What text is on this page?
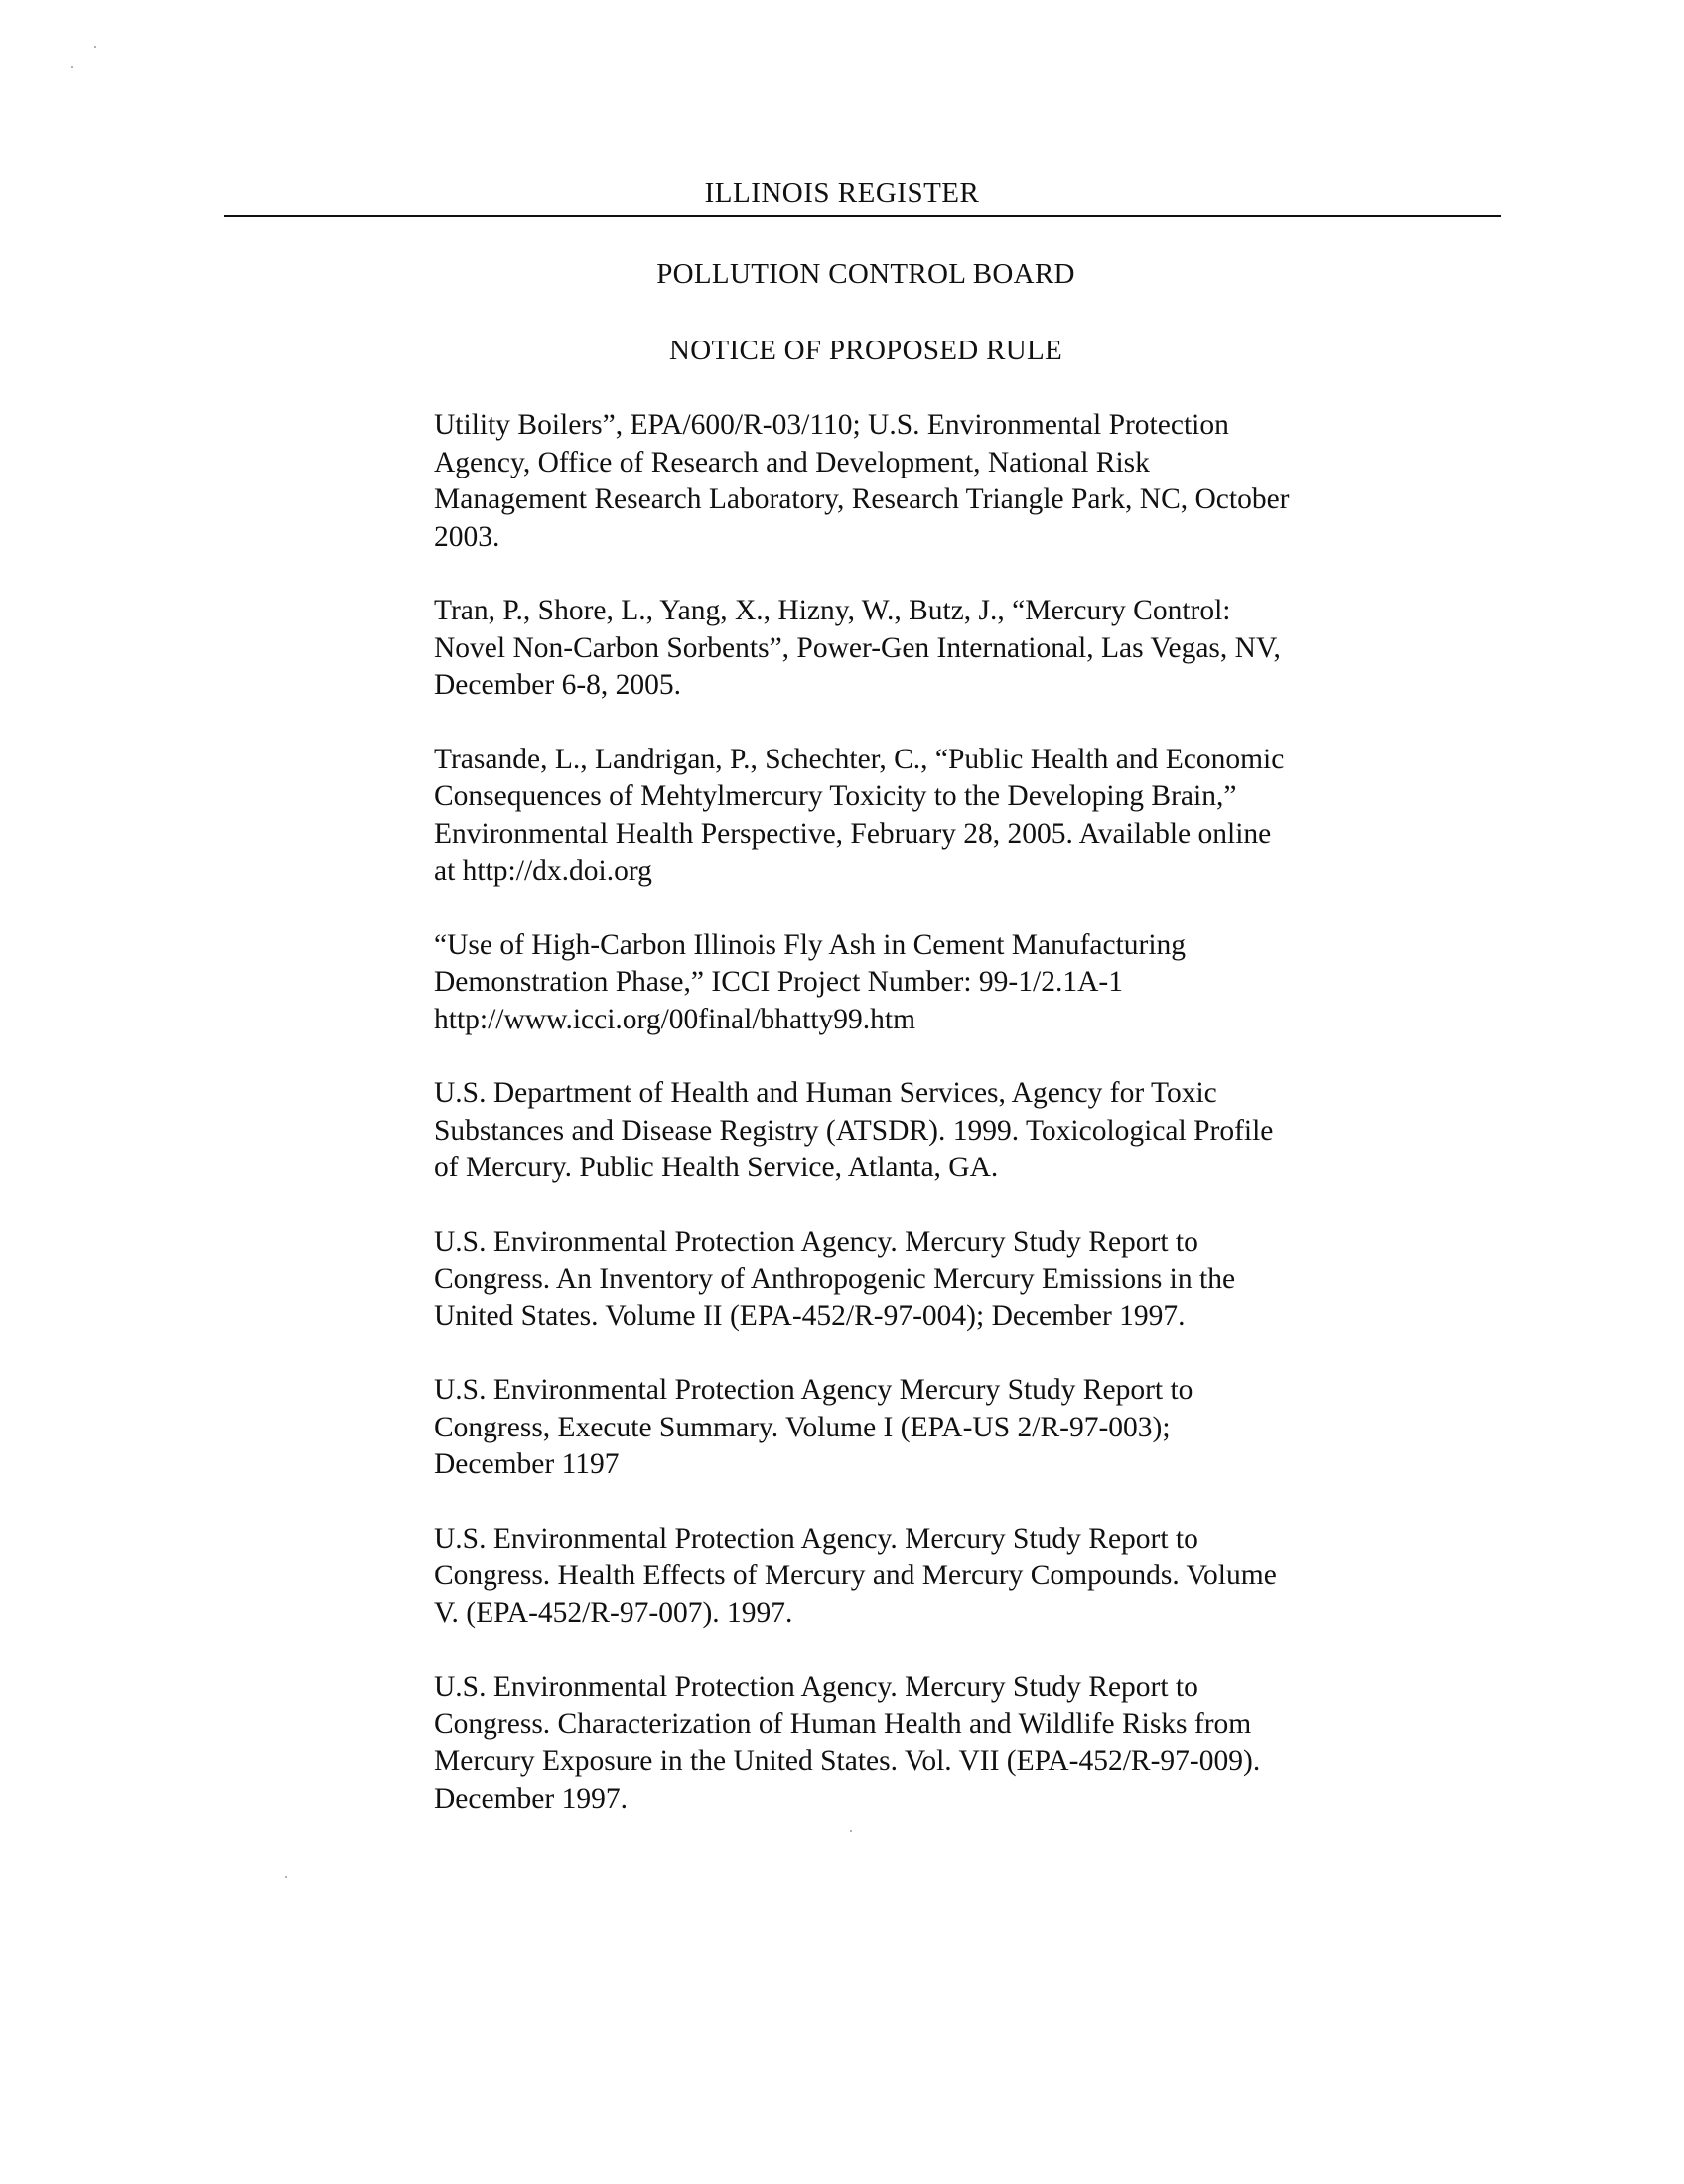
ILLINOIS REGISTER
POLLUTION CONTROL BOARD
NOTICE OF PROPOSED RULE

Utility Boilers”, EPA/600/R-03/110; U.S. Environmental Protection
Agency, Office of Research and Development, National Risk
Management Research Laboratory, Research Triangle Park, NC, October
2003.

Tran, P., Shore, L., Yang, X., Hizny, W., Butz, J., “Mercury Control:
Novel Non-Carbon Sorbents”, Power-Gen International, Las Vegas, NV,
December 6-8, 2005.

Trasande, L., Landrigan, P., Schechter, C., “Public Health and Economic
Consequences of Mehtylmercury Toxicity to the Developing Brain,”
Environmental Health Perspective, February 28, 2005. Available online
at http://dx.doi.org

“Use of High-Carbon Illinois Fly Ash in Cement Manufacturing
Demonstration Phase,” ICCI Project Number: 99-1/2.1A-1
http://www.icci.org/00final/bhatty99.htm

U.S. Department of Health and Human Services, Agency for Toxic
Substances and Disease Registry (ATSDR). 1999. Toxicological Profile
of Mercury. Public Health Service, Atlanta, GA.

U.S. Environmental Protection Agency. Mercury Study Report to
Congress. An Inventory of Anthropogenic Mercury Emissions in the
United States. Volume II (EPA-452/R-97-004); December 1997.

U.S. Environmental Protection Agency Mercury Study Report to
Congress, Execute Summary. Volume I (EPA-US 2/R-97-003);
December 1197

U.S. Environmental Protection Agency. Mercury Study Report to
Congress. Health Effects of Mercury and Mercury Compounds. Volume
V. (EPA-452/R-97-007). 1997.

U.S. Environmental Protection Agency. Mercury Study Report to
Congress. Characterization of Human Health and Wildlife Risks from
Mercury Exposure in the United States. Vol. VII (EPA-452/R-97-009).
December 1997.
